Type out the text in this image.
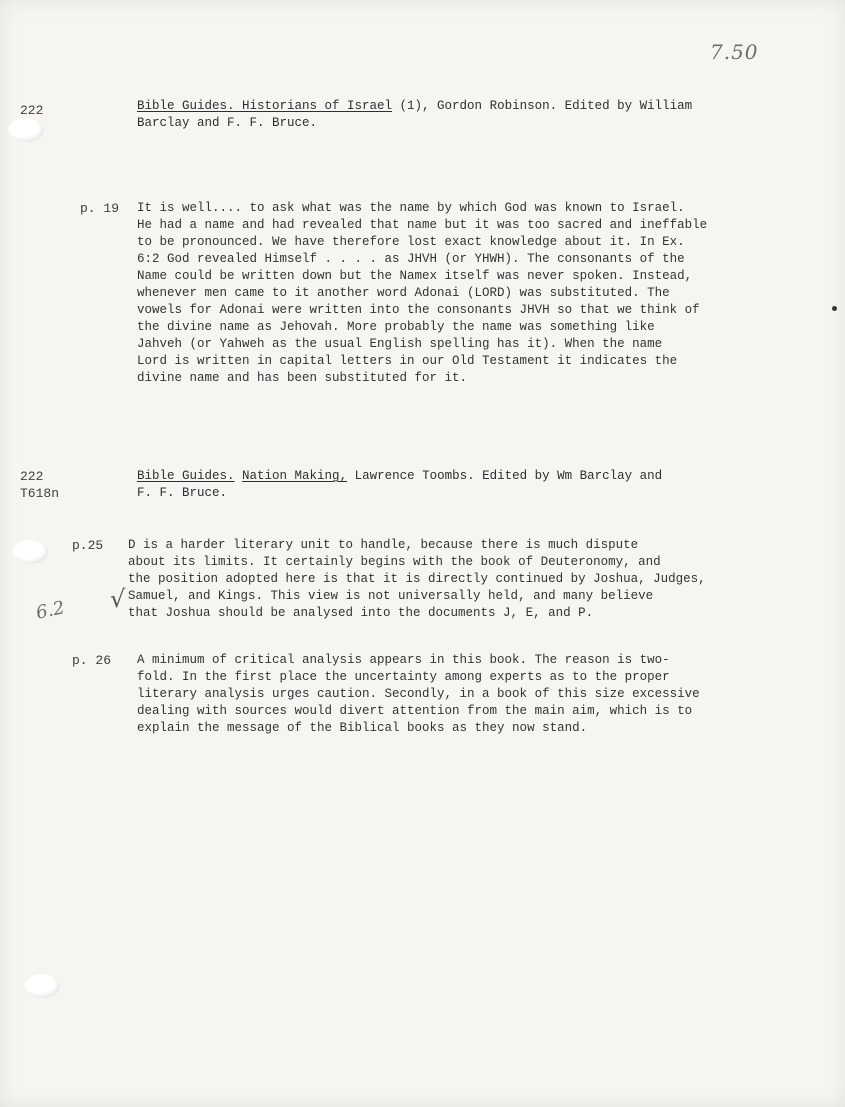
7.50
√
6.2
222	Bible Guides. Historians of Israel (1), Gordon Robinson. Edited by William
Barclay and F. F. Bruce.
p. 19 It is well.... to ask what was the name by which God was known to Israel.
He had a name and had revealed that name but it was too sacred and ineffable
to be pronounced. We have therefore lost exact knowledge about it. In Ex.
6:2 God revealed Himself . . . . as JHVH (or YHWH). The consonants of the
Name could be written down but the Namex itself was never spoken. Instead,
whenever men came to it another word Adonai (LORD) was substituted. The
vowels for Adonai were written into the consonants JHVH so that we think of
the divine name as Jehovah. More probably the name was something like
Jahveh (or Yahweh as the usual English spelling has it). When the name
Lord is written in capital letters in our Old Testament it indicates the
divine name and has been substituted for it.
222
T618n
Bible Guides. Nation Making, Lawrence Toombs. Edited by Wm Barclay and
F. F. Bruce.
p.25 D is a harder literary unit to handle, because there is much dispute
about its limits. It certainly begins with the book of Deuteronomy, and
the position adopted here is that it is directly continued by Joshua, Judges,
Samuel, and Kings. This view is not universally held, and many believe
that Joshua should be analysed into the documents J, E, and P.
p. 26 A minimum of critical analysis appears in this book. The reason is two-
fold. In the first place the uncertainty among experts as to the proper
literary analysis urges caution. Secondly, in a book of this size excessive
dealing with sources would divert attention from the main aim, which is to
explain the message of the Biblical books as they now stand.
